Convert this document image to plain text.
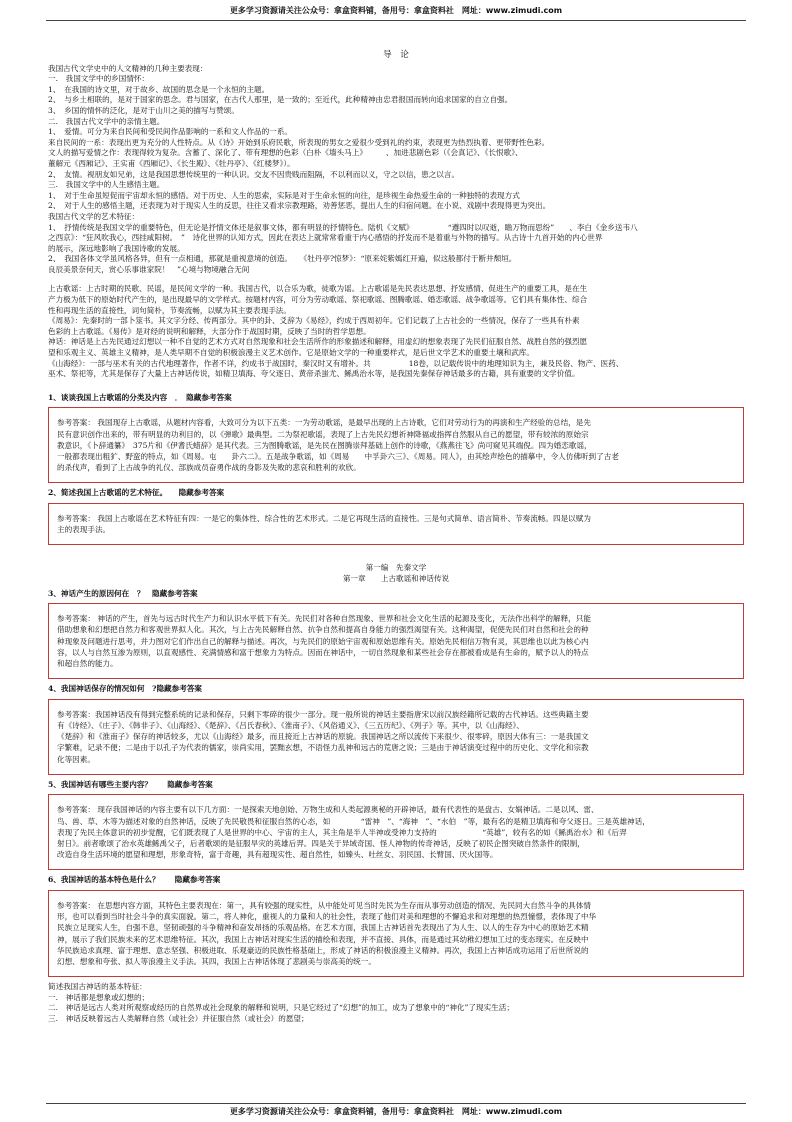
更多学习资源请关注公众号：拿盒资料铺，备用号：拿盒资料社　网址：www.zimudi.com
导　论

我国古代文学史中的人文精神的几种主要表现：

一.　我国文学中的乡国情怀：

1、　在我国的诗文里，对于故乡、故国的思念是一个永恒的主题。

2、　与乡土相联的，是对于国家的思念。君与国家，在古代人那里，是一致的；至近代，此种精神由忠君报国而转向追求国家的自立自强。

3、　乡国的情怀的泛化，是对于山川之美的描写与赞颂。

二.　我国古代文学中的亲情主题。

1、　爱情。可分为来自民间和受民间作品影响的一系和文人作品的一系。

来自民间的一系：表现出更为充分的人性特点。从《诗》开始到乐府民歌，所表现的男女之爱很少受到礼的约束，表现更为热烈执着、更带野性色彩。

文人的描写爱情之作：表现得较为复杂。含蓄了、深化了、带有理想的色彩（白朴《墙头马上》　　　、加进悲剧色彩（《会真记》、《长恨歌》、

董解元《西厢记》、王实甫《西厢记》、《长生殿》、《牡丹亭》、《红楼梦》）。

2、　友情。视朋友如兄弟，这是我国思想传统里的一种认识。交友不因贵贱而阻隔，不以利而以义，守之以信，患之以言。

三.　我国文学中的人生感悟主题。

1、　对于生命虽短促而宇宙却永恒的感悟。对于历史、人生的思索，实际是对于生命永恒的向往，是珍视生命热爱生命的一种独特的表现方式

2、　对于人生的感悟主题，还表现为对于现实人生的反思，往往又看求宗教理路，劝善惩恶，提出人生的归宿问题。在小说、戏剧中表现得更为突出。

我国古代文学的艺术特征：

1、　抒情传统是我国文学的重要特色，但无论是抒情文体还是叙事文体，都有明显的抒情特色。陆机《文赋》　　　　　“遵四时以叹逝，瞻万物而思纷”　　、李白《金乡送韦八

之西京》：“狂风吹我心，西挂咸阳树。　”　诗化世界的认知方式，因此在表达上就常常看重于内心感悟的抒发而不是着重与外物的描写。从古诗十九首开始的内心世界

的展示，深远地影响了我国诗歌的发展。

2、　我国各体文学虽风格各异，但有一点相通，那就是重视意境的创造。　　《牡丹亭?惊梦》：“原来姹紫嫣红开遍，似这般都付于断井颓垣。

良辰美景奈何天，赏心乐事谁家院！　”心境与物境融合无间

上古歌谣：上古时期的民歌、民谣，是民间文学的一种。我国古代，以合乐为歌，徒歌为谣。上古歌谣是先民表达思想、抒发感情、促进生产的重要工具，是在生

产力极为低下的原始时代产生的，是出现最早的文学样式。按题材内容，可分为劳动歌谣、祭祀歌谣、图腾歌谣、婚恋歌谣、战争歌谣等。它们具有集体性、综合

性和再现生活的直接性，词句简朴，节奏流畅，以赋为其主要表现手法。

《周易》：先秦时的一部卜筮书。其文字分经、传两部分。其中的卦、爻辞为《易经》，约成于西周初年。它们记载了上古社会的一些情况，保存了一些具有朴素

色彩的上古歌谣。《易传》是对经的说明和解释，大部分作于战国时期，反映了当时的哲学思想。

神话：神话是上古先民通过幻想以一种不自觉的艺术方式对自然现象和社会生活所作的形象描述和解释，用虚幻的想象表现了先民们征服自然、战胜自然的强烈愿

望和乐观主义、英雄主义精神，是人类早期不自觉的积极浪漫主义艺术创作。它是原始文学的一种重要样式，是后世文学艺术的重要土壤和武库。

《山海经》：一部与巫术有关的古代地理著作，作者不详，约成书于战国时，秦汉时又有增补。共　　　　　18卷，以记载传说中的地理知识为主，兼及民俗、物产、医药、

巫术、祭祀等，尤其是保存了大量上古神话传说，如精卫填海、夸父逐日、黄帝杀蚩尤、鲧禹治水等，是我国先秦保存神话最多的古籍，具有重要的文学价值。

1、谈谈我国上古歌谣的分类及内容　．　隐藏参考答案

参考答案： 我国现存上古歌谣，从题材内容看，大致可分为以下五类：一为劳动歌谣，是最早出现的上古诗歌，它们对劳动行为的再演和生产经验的总结，是先

民有意识创作出来的，带有明显的功利目的，以《弹歌》最典型。二为祭祀歌谣，表现了上古先民幻想祈神降福或指挥自然服从自己的愿望，带有较浓的原始宗

教意识，《卜辞通纂》　375片和《伊耆氏蜡辞》是其代表。三为图腾歌谣，是先民在图腾崇拜基础上创作的诗歌，《燕燕往飞》尚可窥见其端倪。四为婚恋歌谣，

一般都表现出粗犷、野蛮的特点，如《周易。屯　　卦六二》。五是战争歌谣，如《周易　　中孚卦六三》、《周易。同人》，由其绘声绘色的描摹中，令人仿佛听到了古老

的杀伐声，看到了上古战争的礼仪、部族成员奋勇作战的身影及失败的悲哀和胜利的欢欣。

2、简述我国上古歌谣的艺术特征。　　隐藏参考答案

参考答案： 我国上古歌谣在艺术特征有四：一是它的集体性、综合性的艺术形式。二是它再现生活的直接性。三是句式简单、语言简朴、节奏流畅。四是以赋为

主的表现手法。

第一编　先秦文学

第一章　　上古歌谣和神话传说

3、神话产生的原因何在　？　隐藏参考答案

参考答案： 神话的产生，首先与远古时代生产力和认识水平低下有关。先民们对各种自然现象、世界和社会文化生活的起源及变化，无法作出科学的解释，只能

借助想象和幻想把自然力和客观世界拟人化。其次，与上古先民解释自然、抗争自然和提高自身能力的强烈渴望有关。这种渴望，促使先民们对自然和社会的种

种现象及问题进行思考，并力图对它们作出自己的解释与描述。再次，与先民们的原始宇宙观和原始思维有关。原始先民相信万物有灵，其思维也以此为核心内

容，以人与自然互渗为原则，以直观感性、充满情感和富于想象力为特点。因而在神话中，一切自然现象和某些社会存在都被看成是有生命的，赋予以人的特点

和超自然的能力。

4、我国神话保存的情况如何　?隐藏参考答案

参考答案：我国神话没有得到完整系统的记录和保存，只剩下零碎的很少一部分。现一般所说的神话主要指唐宋以前汉族经籍所记载的古代神话。这些典籍主要

有《诗经》、《庄子》、《韩非子》、《山海经》、《楚辞》、《吕氏春秋》、《淮南子》、《风俗通义》、《三五历纪》、《列子》等。其中，以《山海经》、

《楚辞》和《淮南子》保存的神话较多，尤以《山海经》最多，而且接近上古神话的原貌。我国神话之所以流传下来很少、很零碎，原因大体有三：一是我国文

字繁难，记录不便；二是由于以孔子为代表的儒家，崇尚实用，罢黜玄想，不语怪力乱神和远古的荒唐之说；三是由于神话演变过程中的历史化、文学化和宗教

化等因素。

5、我国神话有哪些主要内容？　　隐藏参考答案

参考答案： 现存我国神话的内容主要有以下几方面：一是探索天地创始、万物生成和人类起源奥秘的开辟神话，最有代表性的是盘古、女娲神话。二是以风、雷、

鸟、兽、草、木等为描述对象的自然神话，反映了先民敬畏和征服自然的心态，如　　　　“雷神　”、“海神　”、“水伯　”等，最有名的是精卫填海和夸父逐日。三是英雄神话，

表现了先民主体意识的初步觉醒，它们既表现了人是世界的中心、宇宙的主人，其主角是半人半神或受神力支持的　　　　　　“英雄”，较有名的如《鲧禹治水》和《后羿

射日》。前者歌颂了治水英雄鲧禹父子，后者歌颂的是征服旱灾的英雄后羿。四是关于异域奇国、怪人神物的传奇神话，反映了初民企图突破自然条件的限制，

改造自身生活环境的愿望和理想，形象奇特，富于奇趣，具有超现实性、超自然性，如臻头、吐丝女、羽民国、长臂国、厌火国等。

6、我国神话的基本特色是什么？　　隐藏参考答案

参考答案： 在思想内容方面，其特色主要表现在：第一，具有较强的现实性，从中能处可见当时先民为生存而从事劳动创造的情况、先民同大自然斗争的具体情

形，也可以看到当时社会斗争的真实面貌。第二，将人神化，重视人的力量和人的社会性，表现了他们对美和理想的不懈追求和对理想的热烈憧憬，表体现了中华

民族立足现实人生，自强不息，坚韧顽强的斗争精神和奋发昂扬的乐观品格。在艺术方面，我国上古神话首先表现出了为人生、以人的生存为中心的原始艺术精

神，展示了我们民族未来的艺术思维特征。其次，我国上古神话对现实生活的描绘和表现，并不直接、具体，而是通过其幼稚幻想加工过的变态现实。在反映中

华民族追求真理、富于理想、意志坚强、积极进取、乐观豪迈的民族性格基础上，形成了神话的积极浪漫主义精神。再次，我国上古神话成功运用了后世所说的

幻想、想象和夸张、拟人等浪漫主义手法。其四，我国上古神话体现了悲剧美与崇高美的统一。

简述我国古神话的基本特征：

一.　神话都是想象或幻想的；

二.　神话是远古人类对所观察或经历的自然界或社会现象的解释和说明，只是它经过了“幻想”的加工，成为了想象中的“神化”了现实生活；

三.　神话反映着远古人类解释自然（或社会）并征服自然（或社会）的愿望；

更多学习资源请关注公众号：拿盒资料铺，备用号：拿盒资料社　网址：www.zimudi.com
